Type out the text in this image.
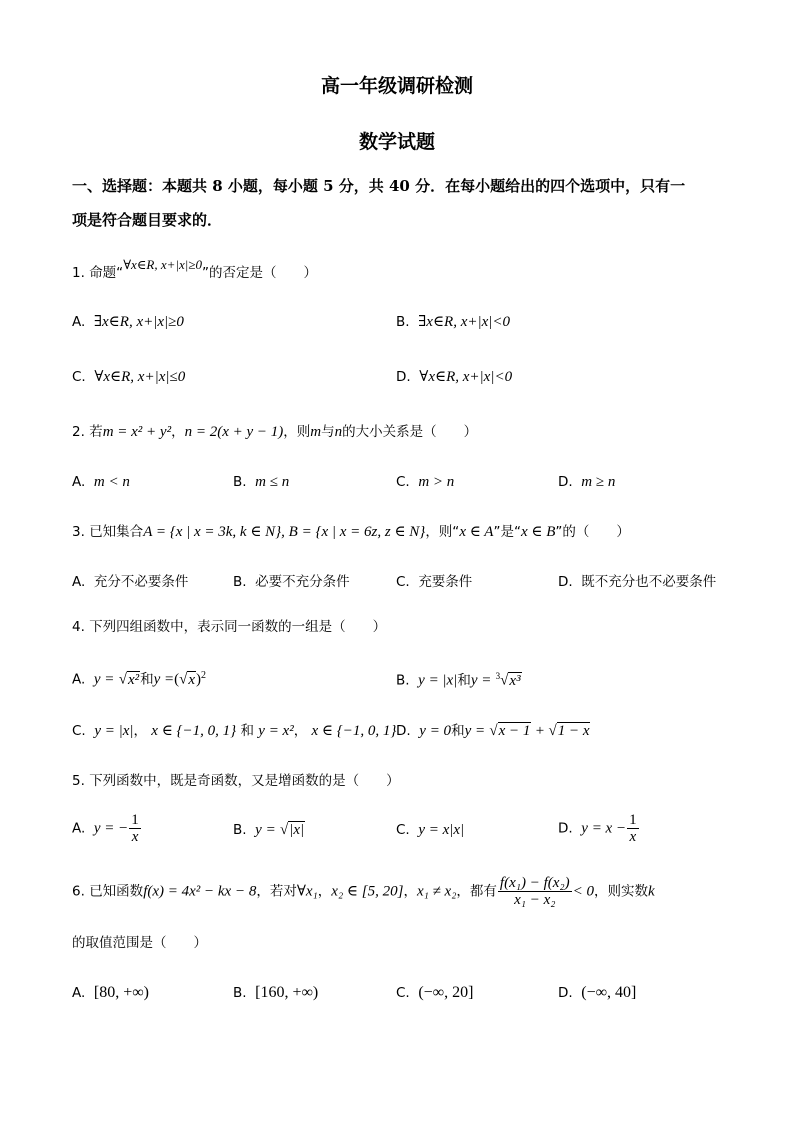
高一年级调研检测
数学试题
一、选择题：本题共 8 小题，每小题 5 分，共 40 分．在每小题给出的四个选项中，只有一
项是符合题目要求的．
1. 命题“∀x∈R, x+|x|≥0”的否定是（　　）
A. ∃x∈R, x+|x|≥0	B. ∃x∈R, x+|x|<0
C. ∀x∈R, x+|x|≤0	D. ∀x∈R, x+|x|<0
2. 若m = x² + y²，n = 2(x + y − 1)，则m与n的大小关系是（　　）
A. m < n	B. m ≤ n	C. m > n	D. m ≥ n
3. 已知集合A = {x | x = 3k, k ∈ N}, B = {x | x = 6z, z ∈ N}，则“x ∈ A”是“x ∈ B”的（　　）
A. 充分不必要条件	B. 必要不充分条件	C. 充要条件	D. 既不充分也不必要条件
4. 下列四组函数中，表示同一函数的一组是（　　）
A. y = √x²和$y =(√x)^2$	B. y = |x|和y = $^3$√x³
C. y = |x|， x ∈ {−1, 0, 1} 和 y = x²， x ∈ {−1, 0, 1} D. y = 0和y = √x − 1 + √1 − x
5. 下列函数中，既是奇函数，又是增函数的是（　　）
A. y = − $\frac{1}{x}$	B. y = √|x|	C. y = x|x|	D. $y = x - \frac{1}{x}$
6. 已知函数f(x) = 4x² − kx − 8，若对∀x₁，x₂ ∈ [5, 20]，x₁ ≠ x₂，都有 $\frac{\text{f(x₁) − f(x₂)}}{\text{x₁ − x₂}} < 0$，则实数k
的取值范围是（　　）
A. [80, +∞)	B. [160, +∞)	C. (−∞, 20]	D. (−∞, 40]
